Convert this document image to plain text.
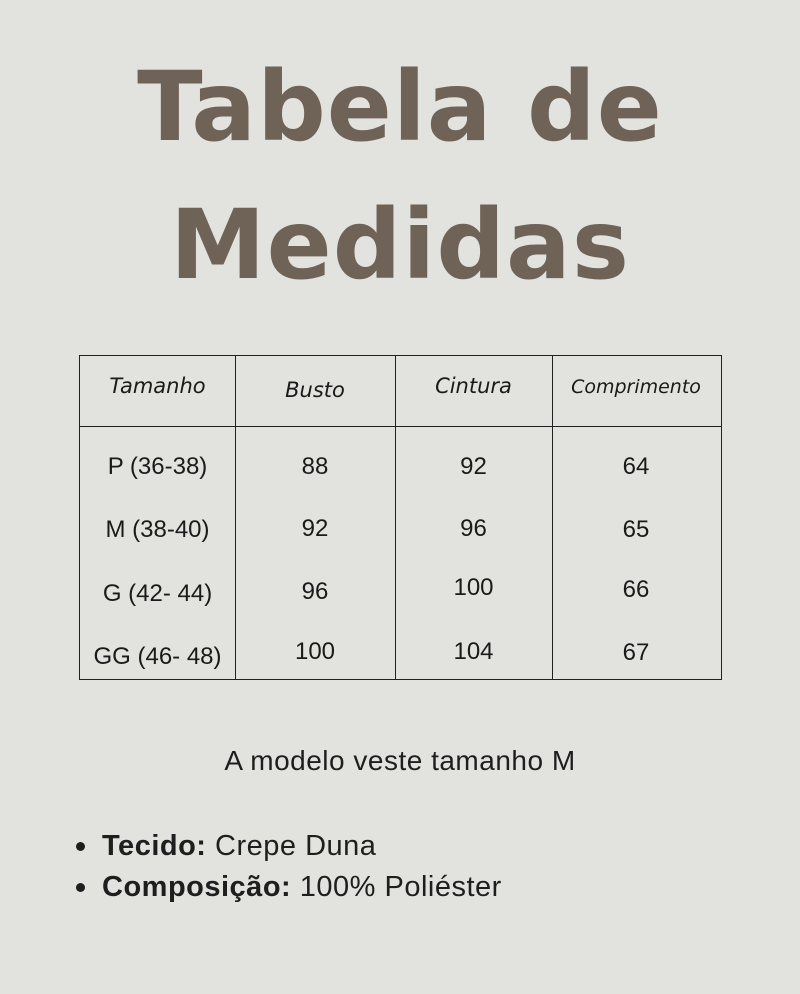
Tabela de
Medidas
Tamanho	Busto	Cintura	Comprimento
P (36-38)	88	92	64
M (38-40)	92	96	65
G (42- 44)	96	100	66
GG (46- 48)	100	104	67
A modelo veste tamanho M
Tecido: Crepe Duna
Composição: 100% Poliéster
